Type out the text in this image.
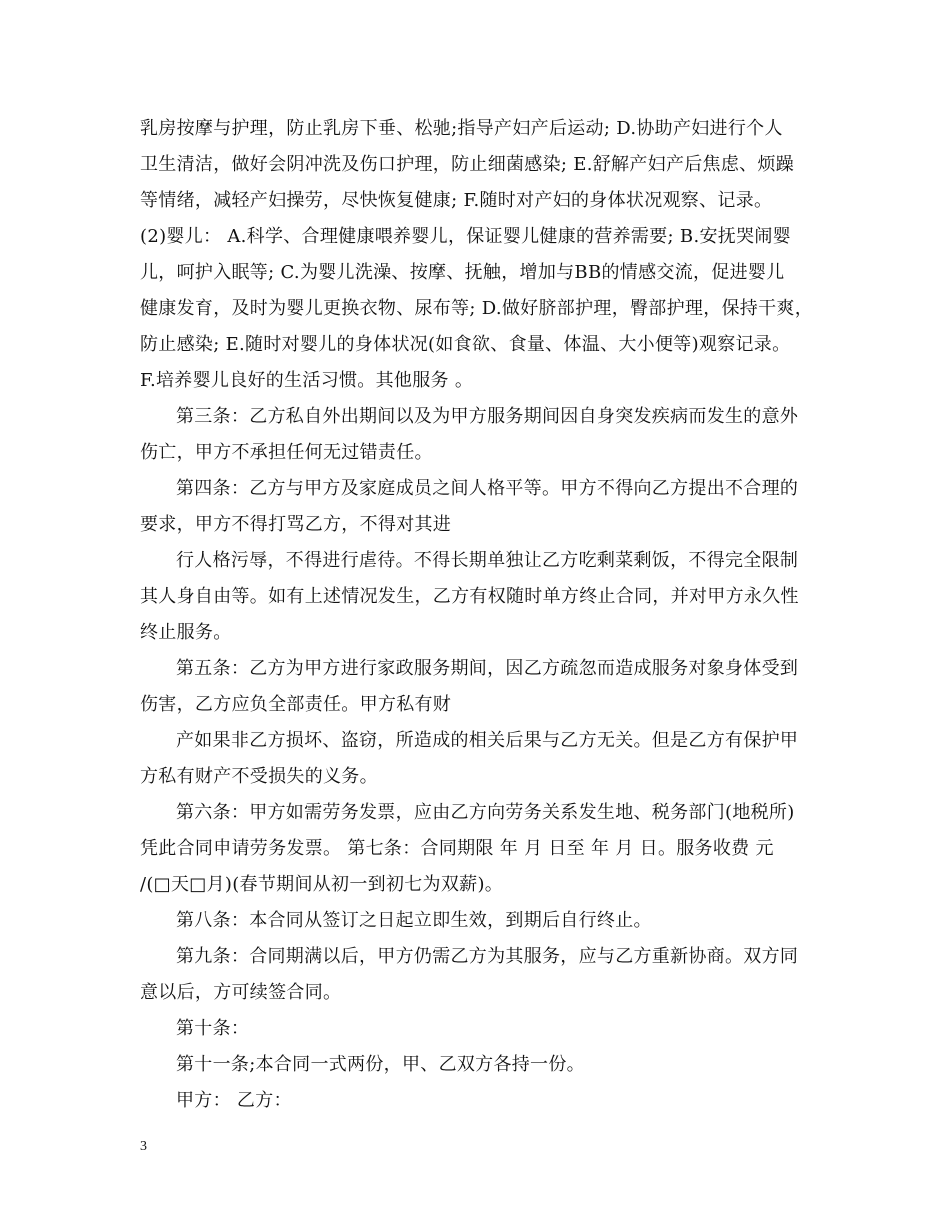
乳房按摩与护理，防止乳房下垂、松驰;指导产妇产后运动; D.协助产妇进行个人
卫生清洁，做好会阴冲洗及伤口护理，防止细菌感染; E.舒解产妇产后焦虑、烦躁
等情绪，减轻产妇操劳，尽快恢复健康; F.随时对产妇的身体状况观察、记录。
(2)婴儿： A.科学、合理健康喂养婴儿，保证婴儿健康的营养需要; B.安抚哭闹婴
儿，呵护入眠等; C.为婴儿洗澡、按摩、抚触，增加与BB的情感交流，促进婴儿
健康发育，及时为婴儿更换衣物、尿布等; D.做好脐部护理，臀部护理，保持干爽，
防止感染; E.随时对婴儿的身体状况(如食欲、食量、体温、大小便等)观察记录。
F.培养婴儿良好的生活习惯。其他服务 。
第三条：乙方私自外出期间以及为甲方服务期间因自身突发疾病而发生的意外
伤亡，甲方不承担任何无过错责任。
第四条：乙方与甲方及家庭成员之间人格平等。甲方不得向乙方提出不合理的
要求，甲方不得打骂乙方，不得对其进
行人格污辱，不得进行虐待。不得长期单独让乙方吃剩菜剩饭，不得完全限制
其人身自由等。如有上述情况发生，乙方有权随时单方终止合同，并对甲方永久性
终止服务。
第五条：乙方为甲方进行家政服务期间，因乙方疏忽而造成服务对象身体受到
伤害，乙方应负全部责任。甲方私有财
产如果非乙方损坏、盗窃，所造成的相关后果与乙方无关。但是乙方有保护甲
方私有财产不受损失的义务。
第六条：甲方如需劳务发票，应由乙方向劳务关系发生地、税务部门(地税所)
凭此合同申请劳务发票。 第七条：合同期限 年 月 日至 年 月 日。服务收费 元
/(□天□月)(春节期间从初一到初七为双薪)。
第八条：本合同从签订之日起立即生效，到期后自行终止。
第九条：合同期满以后，甲方仍需乙方为其服务，应与乙方重新协商。双方同
意以后，方可续签合同。
第十条：
第十一条;本合同一式两份，甲、乙双方各持一份。
甲方： 乙方：
3
